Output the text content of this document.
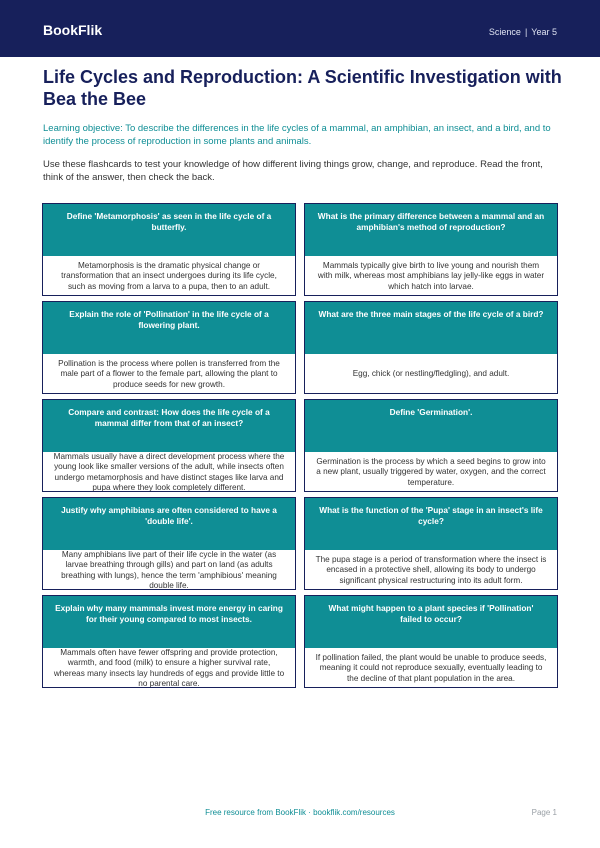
BookFlik	Science | Year 5
Life Cycles and Reproduction: A Scientific Investigation with Bea the Bee

Learning objective: To describe the differences in the life cycles of a mammal, an amphibian, an insect, and a bird, and to identify the process of reproduction in some plants and animals.

Use these flashcards to test your knowledge of how different living things grow, change, and reproduce. Read the front, think of the answer, then check the back.

Define 'Metamorphosis' as seen in the life cycle of a butterfly.
Metamorphosis is the dramatic physical change or transformation that an insect undergoes during its life cycle, such as moving from a larva to a pupa, then to an adult.
What is the primary difference between a mammal and an amphibian's method of reproduction?
Mammals typically give birth to live young and nourish them with milk, whereas most amphibians lay jelly-like eggs in water which hatch into larvae.
Explain the role of 'Pollination' in the life cycle of a flowering plant.
Pollination is the process where pollen is transferred from the male part of a flower to the female part, allowing the plant to produce seeds for new growth.
What are the three main stages of the life cycle of a bird?
Egg, chick (or nestling/fledgling), and adult.
Compare and contrast: How does the life cycle of a mammal differ from that of an insect?
Mammals usually have a direct development process where the young look like smaller versions of the adult, while insects often undergo metamorphosis and have distinct stages like larva and pupa where they look completely different.
Define 'Germination'.
Germination is the process by which a seed begins to grow into a new plant, usually triggered by water, oxygen, and the correct temperature.
Justify why amphibians are often considered to have a 'double life'.
Many amphibians live part of their life cycle in the water (as larvae breathing through gills) and part on land (as adults breathing with lungs), hence the term 'amphibious' meaning double life.
What is the function of the 'Pupa' stage in an insect's life cycle?
The pupa stage is a period of transformation where the insect is encased in a protective shell, allowing its body to undergo significant physical restructuring into its adult form.
Explain why many mammals invest more energy in caring for their young compared to most insects.
Mammals often have fewer offspring and provide protection, warmth, and food (milk) to ensure a higher survival rate, whereas many insects lay hundreds of eggs and provide little to no parental care.
What might happen to a plant species if 'Pollination' failed to occur?
If pollination failed, the plant would be unable to produce seeds, meaning it could not reproduce sexually, eventually leading to the decline of that plant population in the area.
Free resource from BookFlik · bookflik.com/resources	Page 1
